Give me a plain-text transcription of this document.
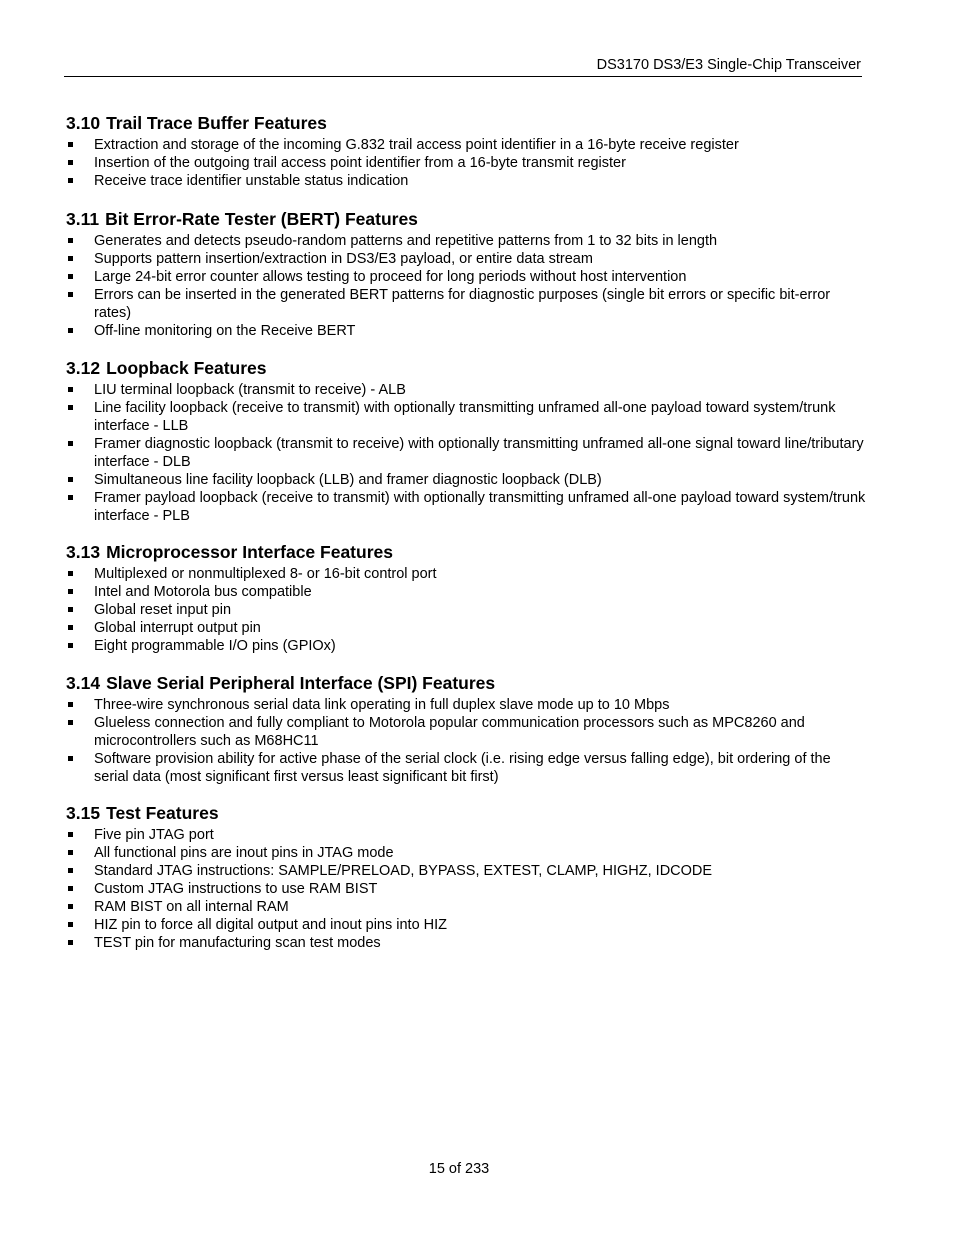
DS3170 DS3/E3 Single-Chip Transceiver
3.10 Trail Trace Buffer Features
Extraction and storage of the incoming G.832 trail access point identifier in a 16-byte receive register
Insertion of the outgoing trail access point identifier from a 16-byte transmit register
Receive trace identifier unstable status indication
3.11 Bit Error-Rate Tester (BERT) Features
Generates and detects pseudo-random patterns and repetitive patterns from 1 to 32 bits in length
Supports pattern insertion/extraction in DS3/E3 payload, or entire data stream
Large 24-bit error counter allows testing to proceed for long periods without host intervention
Errors can be inserted in the generated BERT patterns for diagnostic purposes (single bit errors or specific bit-error rates)
Off-line monitoring on the Receive BERT
3.12 Loopback Features
LIU terminal loopback (transmit to receive) - ALB
Line facility loopback (receive to transmit) with optionally transmitting unframed all-one payload toward system/trunk interface - LLB
Framer diagnostic loopback (transmit to receive) with optionally transmitting unframed all-one signal toward line/tributary interface - DLB
Simultaneous line facility loopback (LLB) and framer diagnostic loopback (DLB)
Framer payload loopback (receive to transmit) with optionally transmitting unframed all-one payload toward system/trunk interface - PLB
3.13 Microprocessor Interface Features
Multiplexed or nonmultiplexed 8- or 16-bit control port
Intel and Motorola bus compatible
Global reset input pin
Global interrupt output pin
Eight programmable I/O pins (GPIOx)
3.14 Slave Serial Peripheral Interface (SPI) Features
Three-wire synchronous serial data link operating in full duplex slave mode up to 10 Mbps
Glueless connection and fully compliant to Motorola popular communication processors such as MPC8260 and microcontrollers such as M68HC11
Software provision ability for active phase of the serial clock (i.e. rising edge versus falling edge), bit ordering of the serial data (most significant first versus least significant bit first)
3.15 Test Features
Five pin JTAG port
All functional pins are inout pins in JTAG mode
Standard JTAG instructions: SAMPLE/PRELOAD, BYPASS, EXTEST, CLAMP, HIGHZ, IDCODE
Custom JTAG instructions to use RAM BIST
RAM BIST on all internal RAM
HIZ pin to force all digital output and inout pins into HIZ
TEST pin for manufacturing scan test modes
15 of 233
